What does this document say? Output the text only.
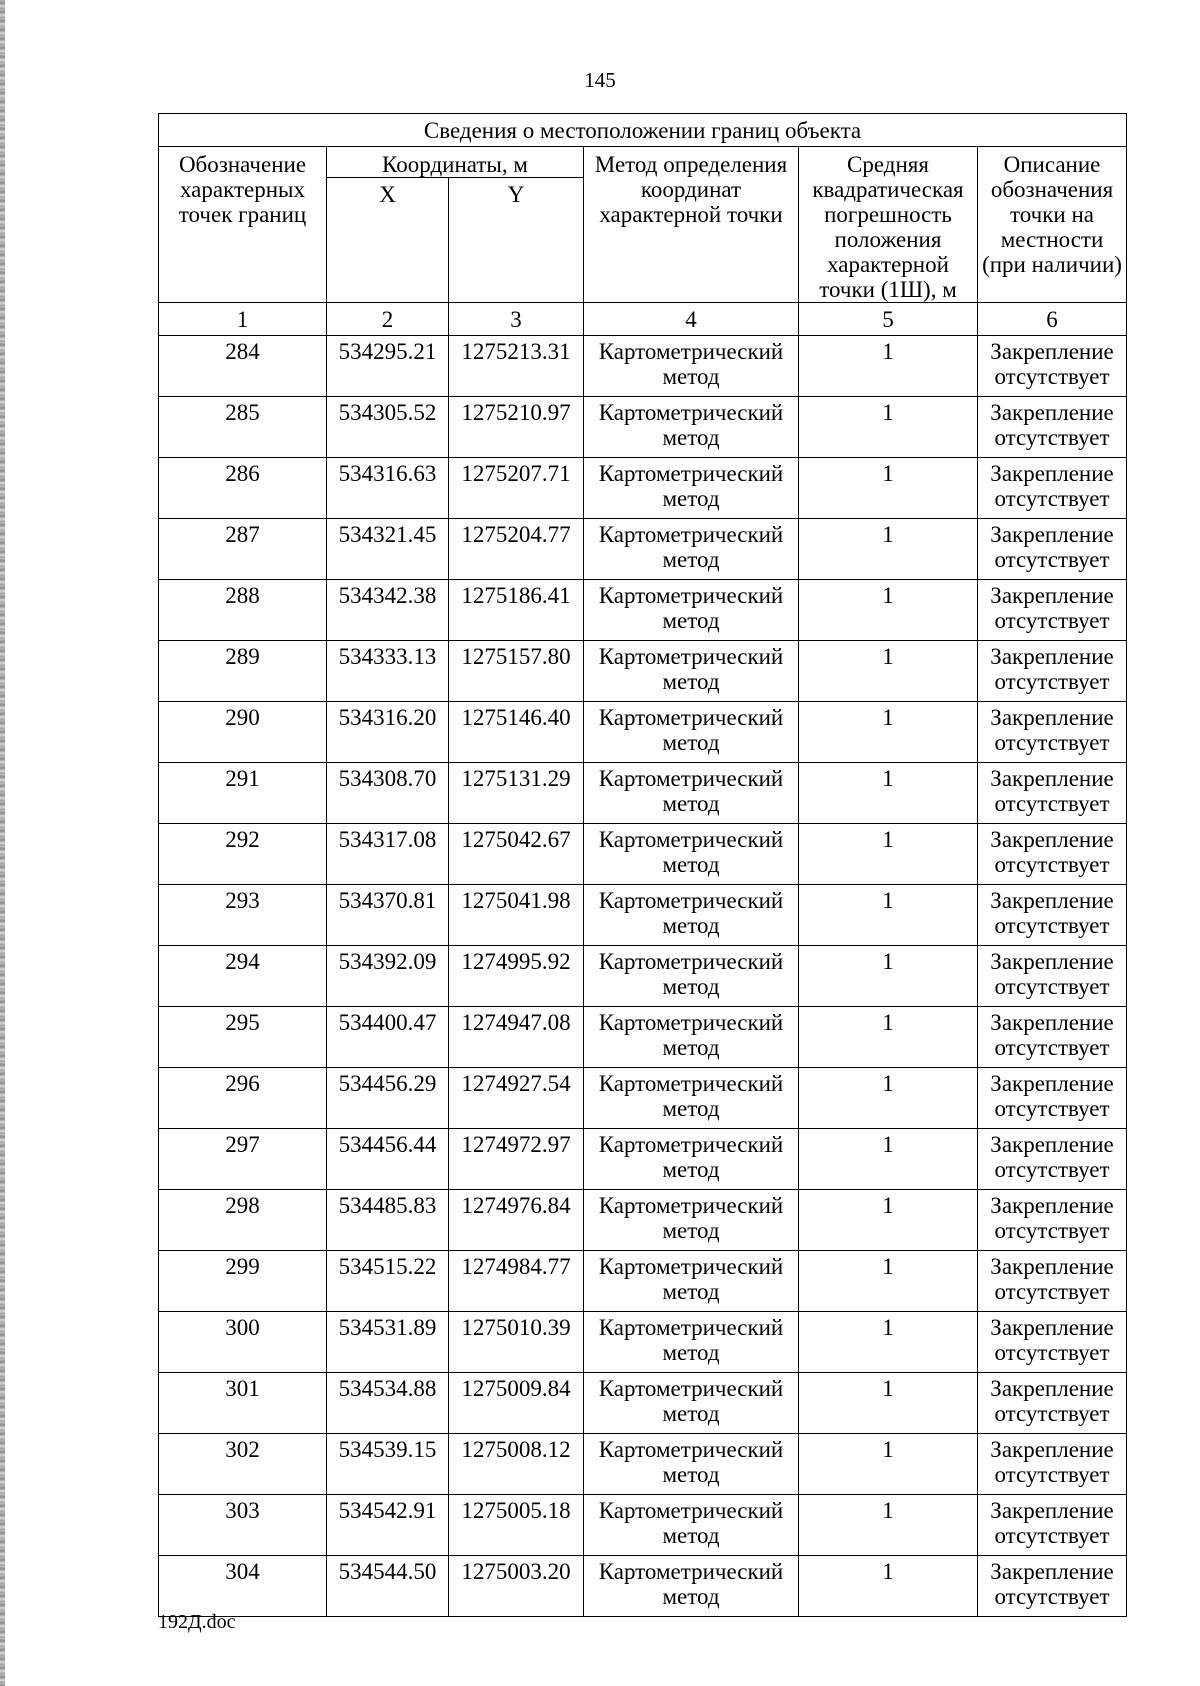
145
Сведения о местоположении границ объекта					
Обозначение характерных точек границ	Координаты, м		Метод определения координат характерной точки	Средняя квадратическая погрешность положения характерной точки (1Ш), м	Описание обозначения точки на местности (при наличии)
	X	Y			
1	2	3	4	5	6
284	534295.21	1275213.31	Картометрический метод	1	Закрепление отсутствует
285	534305.52	1275210.97	Картометрический метод	1	Закрепление отсутствует
286	534316.63	1275207.71	Картометрический метод	1	Закрепление отсутствует
287	534321.45	1275204.77	Картометрический метод	1	Закрепление отсутствует
288	534342.38	1275186.41	Картометрический метод	1	Закрепление отсутствует
289	534333.13	1275157.80	Картометрический метод	1	Закрепление отсутствует
290	534316.20	1275146.40	Картометрический метод	1	Закрепление отсутствует
291	534308.70	1275131.29	Картометрический метод	1	Закрепление отсутствует
292	534317.08	1275042.67	Картометрический метод	1	Закрепление отсутствует
293	534370.81	1275041.98	Картометрический метод	1	Закрепление отсутствует
294	534392.09	1274995.92	Картометрический метод	1	Закрепление отсутствует
295	534400.47	1274947.08	Картометрический метод	1	Закрепление отсутствует
296	534456.29	1274927.54	Картометрический метод	1	Закрепление отсутствует
297	534456.44	1274972.97	Картометрический метод	1	Закрепление отсутствует
298	534485.83	1274976.84	Картометрический метод	1	Закрепление отсутствует
299	534515.22	1274984.77	Картометрический метод	1	Закрепление отсутствует
300	534531.89	1275010.39	Картометрический метод	1	Закрепление отсутствует
301	534534.88	1275009.84	Картометрический метод	1	Закрепление отсутствует
302	534539.15	1275008.12	Картометрический метод	1	Закрепление отсутствует
303	534542.91	1275005.18	Картометрический метод	1	Закрепление отсутствует
304	534544.50	1275003.20	Картометрический метод	1	Закрепление отсутствует
192Д.doc
